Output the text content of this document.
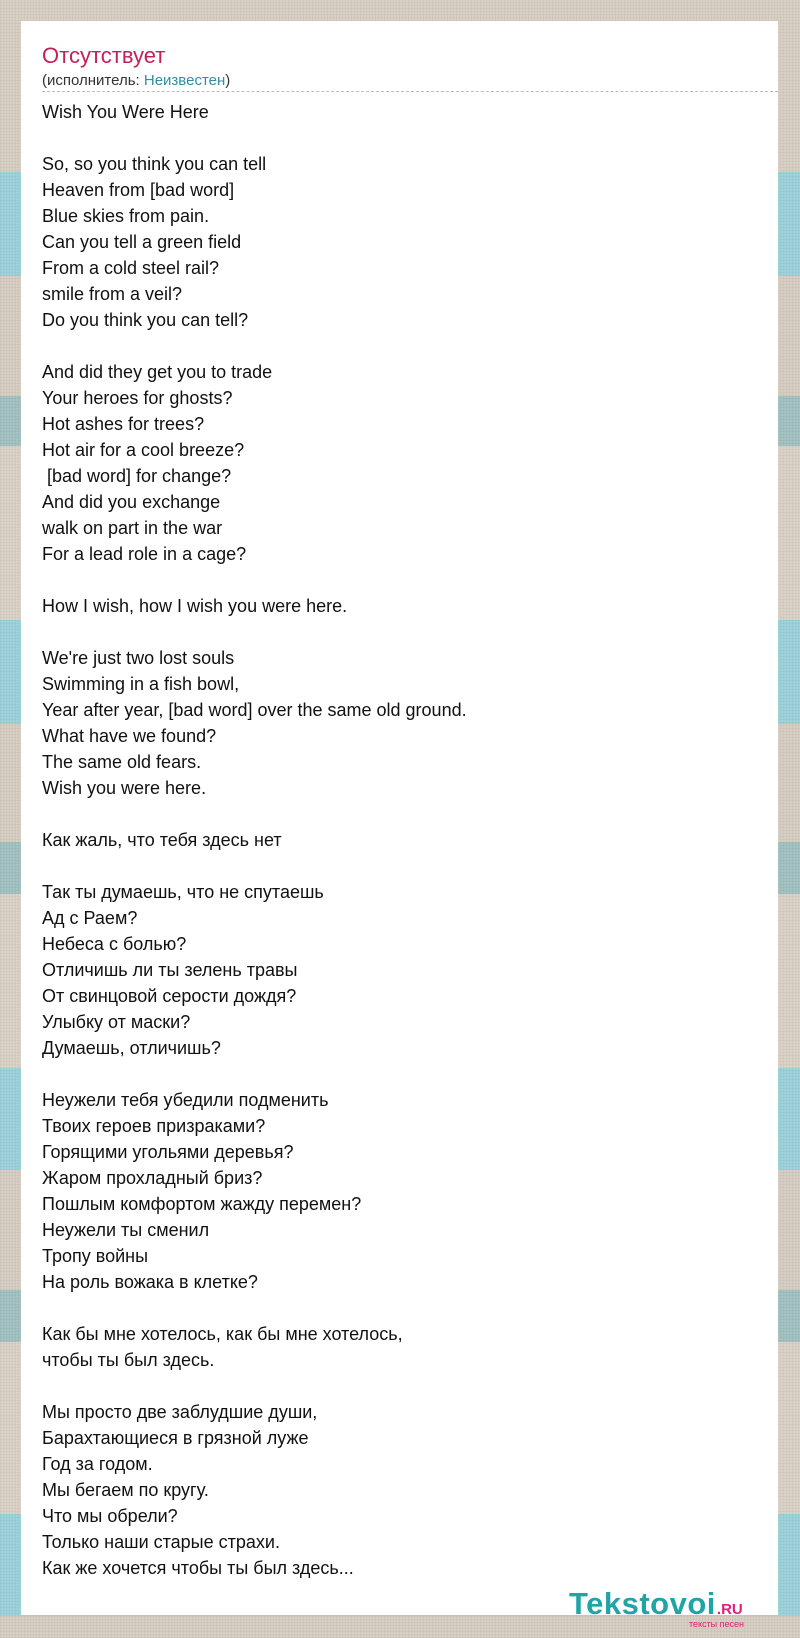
Отсутствует
(исполнитель: Неизвестен)
Wish You Were Here
So, so you think you can tell
Heaven from [bad word]
Blue skies from pain.
Can you tell a green field
From a cold steel rail?
smile from a veil?
Do you think you can tell?
And did they get you to trade
Your heroes for ghosts?
Hot ashes for trees?
Hot air for a cool breeze?
[bad word] for change?
And did you exchange
walk on part in the war
For a lead role in a cage?
How I wish, how I wish you were here.
We're just two lost souls
Swimming in a fish bowl,
Year after year, [bad word] over the same old ground.
What have we found?
The same old fears.
Wish you were here.
Как жаль, что тебя здесь нет
Так ты думаешь, что не спутаешь
Ад с Раем?
Небеса с болью?
Отличишь ли ты зелень травы
От свинцовой серости дождя?
Улыбку от маски?
Думаешь, отличишь?
Неужели тебя убедили подменить
Твоих героев призраками?
Горящими угольями деревья?
Жаром прохладный бриз?
Пошлым комфортом жажду перемен?
Неужели ты сменил
Тропу войны
На роль вожака в клетке?
Как бы мне хотелось, как бы мне хотелось,
чтобы ты был здесь.
Мы просто две заблудшие души,
Барахтающиеся в грязной луже
Год за годом.
Мы бегаем по кругу.
Что мы обрели?
Только наши старые страхи.
Как же хочется чтобы ты был здесь...
Tekstovoi.RU
тексты песен
